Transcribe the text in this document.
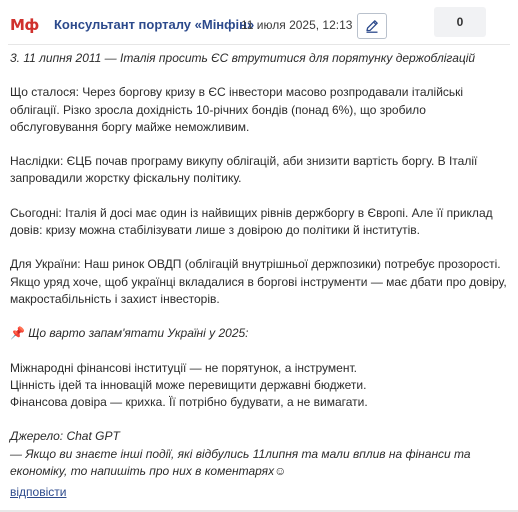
Мф Консультант порталу «Мінфін»
11 июля 2025, 12:13	0

3. 11 липня 2011 — Італія просить ЄС втрутитися для порятунку держоблігацій

Що сталося: Через боргову кризу в ЄС інвестори масово розпродавали італійські облігації. Різко зросла дохідність 10-річних бондів (понад 6%), що зробило обслуговування боргу майже неможливим.

Наслідки: ЄЦБ почав програму викупу облігацій, аби знизити вартість боргу. В Італії запровадили жорстку фіскальну політику.

Сьогодні: Італія й досі має один із найвищих рівнів держборгу в Європі. Але її приклад довів: кризу можна стабілізувати лише з довірою до політики й інститутів.

Для України: Наш ринок ОВДП (облігацій внутрішньої держпозики) потребує прозорості. Якщо уряд хоче, щоб українці вкладалися в боргові інструменти — має дбати про довіру, макростабільність і захист інвесторів.

📌 Що варто запам'ятати Україні у 2025:

Міжнародні фінансові інституції — не порятунок, а інструмент.

Цінність ідей та інновацій може перевищити державні бюджети.

Фінансова довіра — крихка. Її потрібно будувати, а не вимагати.

Джерело: Chat GPT

— Якщо ви знаєте інші події, які відбулись 11липня та мали вплив на фінанси та економіку, то напишіть про них в коментарях☺

відповісти
